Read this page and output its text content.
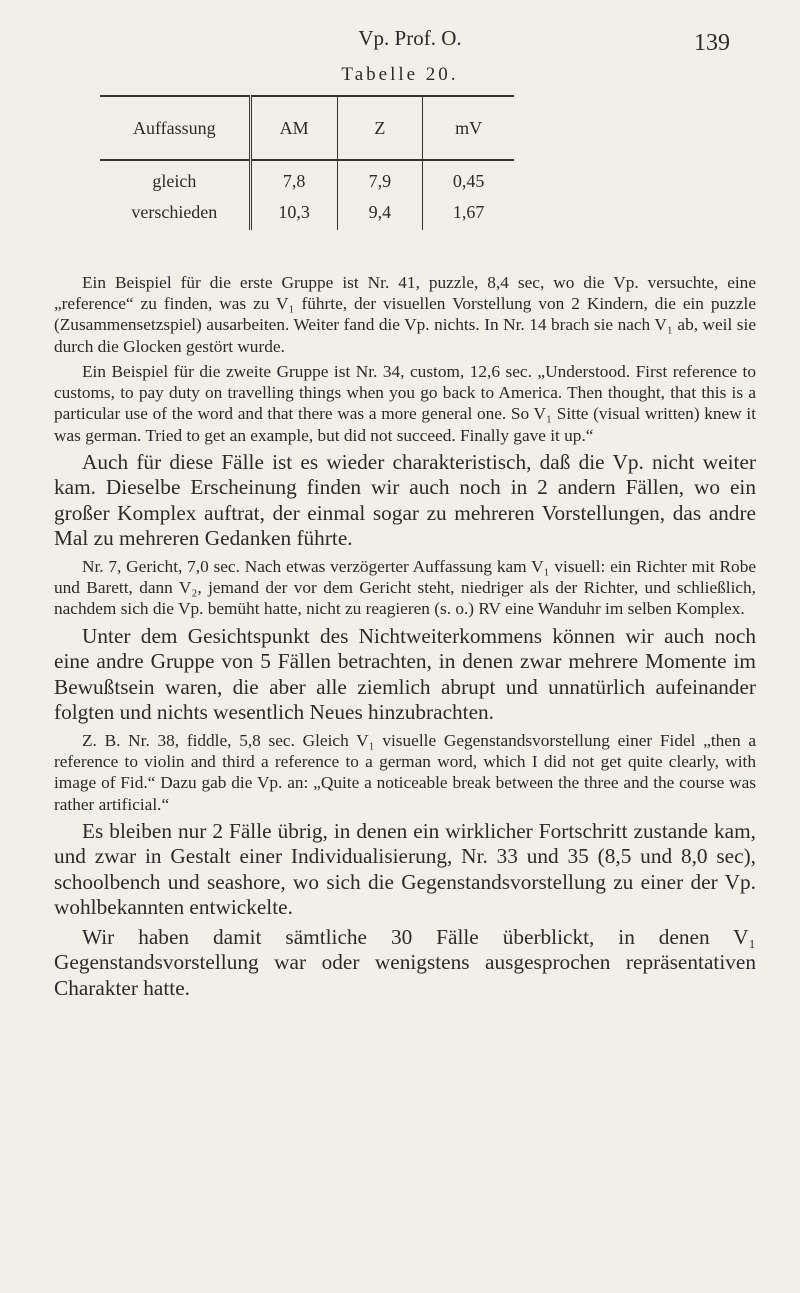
Vp. Prof. O.	139
Tabelle 20.
Auffassung	AM	Z	mV
gleich	7,8	7,9	0,45
verschieden	10,3	9,4	1,67

Ein Beispiel für die erste Gruppe ist Nr. 41, puzzle, 8,4 sec, wo die Vp. versuchte, eine „reference“ zu finden, was zu V₁ führte, der visuellen Vorstellung von 2 Kindern, die ein puzzle (Zusammensetzspiel) ausarbeiten. Weiter fand die Vp. nichts. In Nr. 14 brach sie nach V₁ ab, weil sie durch die Glocken gestört wurde.

Ein Beispiel für die zweite Gruppe ist Nr. 34, custom, 12,6 sec. „Understood. First reference to customs, to pay duty on travelling things when you go back to America. Then thought, that this is a particular use of the word and that there was a more general one. So V₁ Sitte (visual written) knew it was german. Tried to get an example, but did not succeed. Finally gave it up.“

Auch für diese Fälle ist es wieder charakteristisch, daß die Vp. nicht weiter kam. Dieselbe Erscheinung finden wir auch noch in 2 andern Fällen, wo ein großer Komplex auftrat, der einmal sogar zu mehreren Vorstellungen, das andre Mal zu mehreren Gedanken führte.

Nr. 7, Gericht, 7,0 sec. Nach etwas verzögerter Auffassung kam V₁ visuell: ein Richter mit Robe und Barett, dann V₂, jemand der vor dem Gericht steht, niedriger als der Richter, und schließlich, nachdem sich die Vp. bemüht hatte, nicht zu reagieren (s. o.) RV eine Wanduhr im selben Komplex.

Unter dem Gesichtspunkt des Nichtweiterkommens können wir auch noch eine andre Gruppe von 5 Fällen betrachten, in denen zwar mehrere Momente im Bewußtsein waren, die aber alle ziemlich abrupt und unnatürlich aufeinander folgten und nichts wesentlich Neues hinzubrachten.

Z. B. Nr. 38, fiddle, 5,8 sec. Gleich V₁ visuelle Gegenstandsvorstellung einer Fidel „then a reference to violin and third a reference to a german word, which I did not get quite clearly, with image of Fid.“ Dazu gab die Vp. an: „Quite a noticeable break between the three and the course was rather artificial.“

Es bleiben nur 2 Fälle übrig, in denen ein wirklicher Fortschritt zustande kam, und zwar in Gestalt einer Individualisierung, Nr. 33 und 35 (8,5 und 8,0 sec), schoolbench und seashore, wo sich die Gegenstandsvorstellung zu einer der Vp. wohlbekannten entwickelte.

Wir haben damit sämtliche 30 Fälle überblickt, in denen V₁ Gegenstandsvorstellung war oder wenigstens ausgesprochen repräsentativen Charakter hatte.
